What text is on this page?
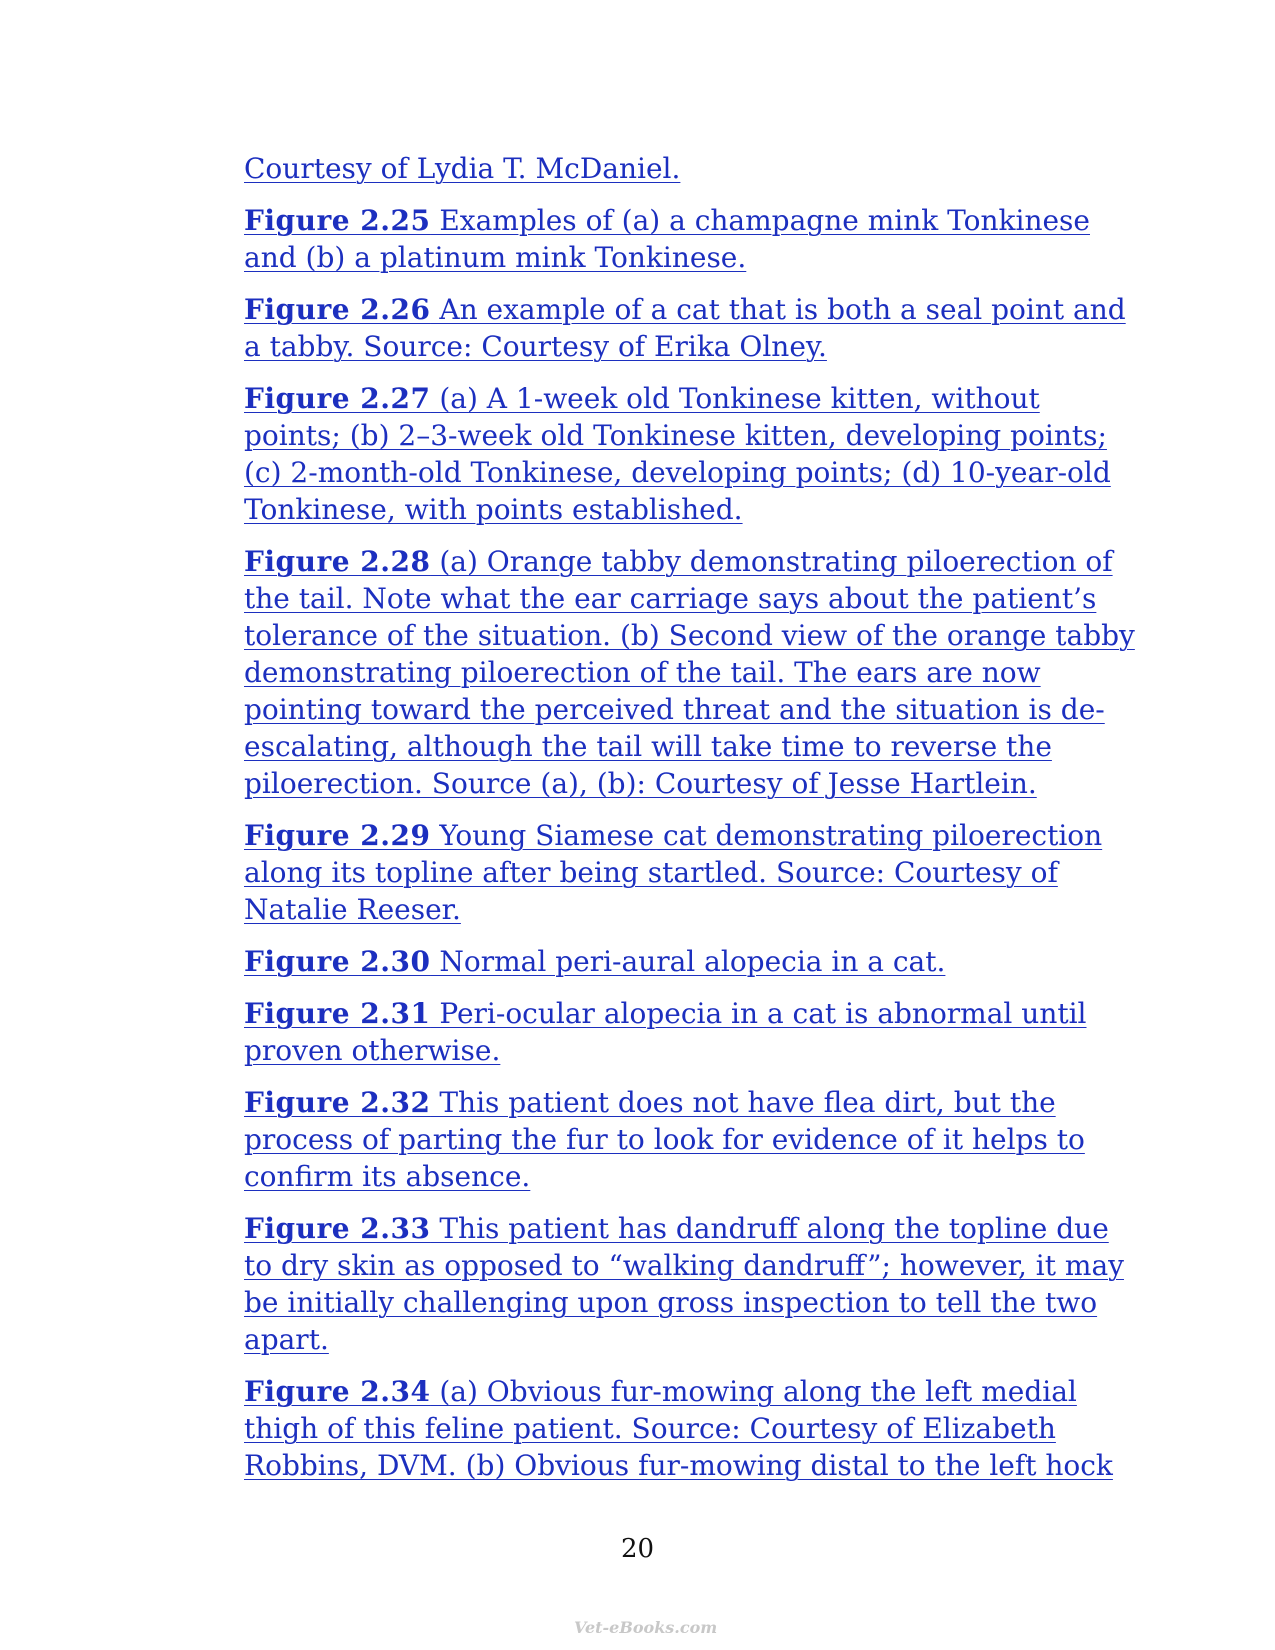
Courtesy of Lydia T. McDaniel.

Figure 2.25 Examples of (a) a champagne mink Tonkinese and (b) a platinum mink Tonkinese.

Figure 2.26 An example of a cat that is both a seal point and a tabby. Source: Courtesy of Erika Olney.

Figure 2.27 (a) A 1-week old Tonkinese kitten, without points; (b) 2–3-week old Tonkinese kitten, developing points; (c) 2-month-old Tonkinese, developing points; (d) 10-year-old Tonkinese, with points established.

Figure 2.28 (a) Orange tabby demonstrating piloerection of the tail. Note what the ear carriage says about the patient’s tolerance of the situation. (b) Second view of the orange tabby demonstrating piloerection of the tail. The ears are now pointing toward the perceived threat and the situation is de-escalating, although the tail will take time to reverse the piloerection. Source (a), (b): Courtesy of Jesse Hartlein.

Figure 2.29 Young Siamese cat demonstrating piloerection along its topline after being startled. Source: Courtesy of Natalie Reeser.

Figure 2.30 Normal peri-aural alopecia in a cat.

Figure 2.31 Peri-ocular alopecia in a cat is abnormal until proven otherwise.

Figure 2.32 This patient does not have flea dirt, but the process of parting the fur to look for evidence of it helps to confirm its absence.

Figure 2.33 This patient has dandruff along the topline due to dry skin as opposed to “walking dandruff”; however, it may be initially challenging upon gross inspection to tell the two apart.

Figure 2.34 (a) Obvious fur-mowing along the left medial thigh of this feline patient. Source: Courtesy of Elizabeth Robbins, DVM. (b) Obvious fur-mowing distal to the left hock

20
Vet-eBooks.com
